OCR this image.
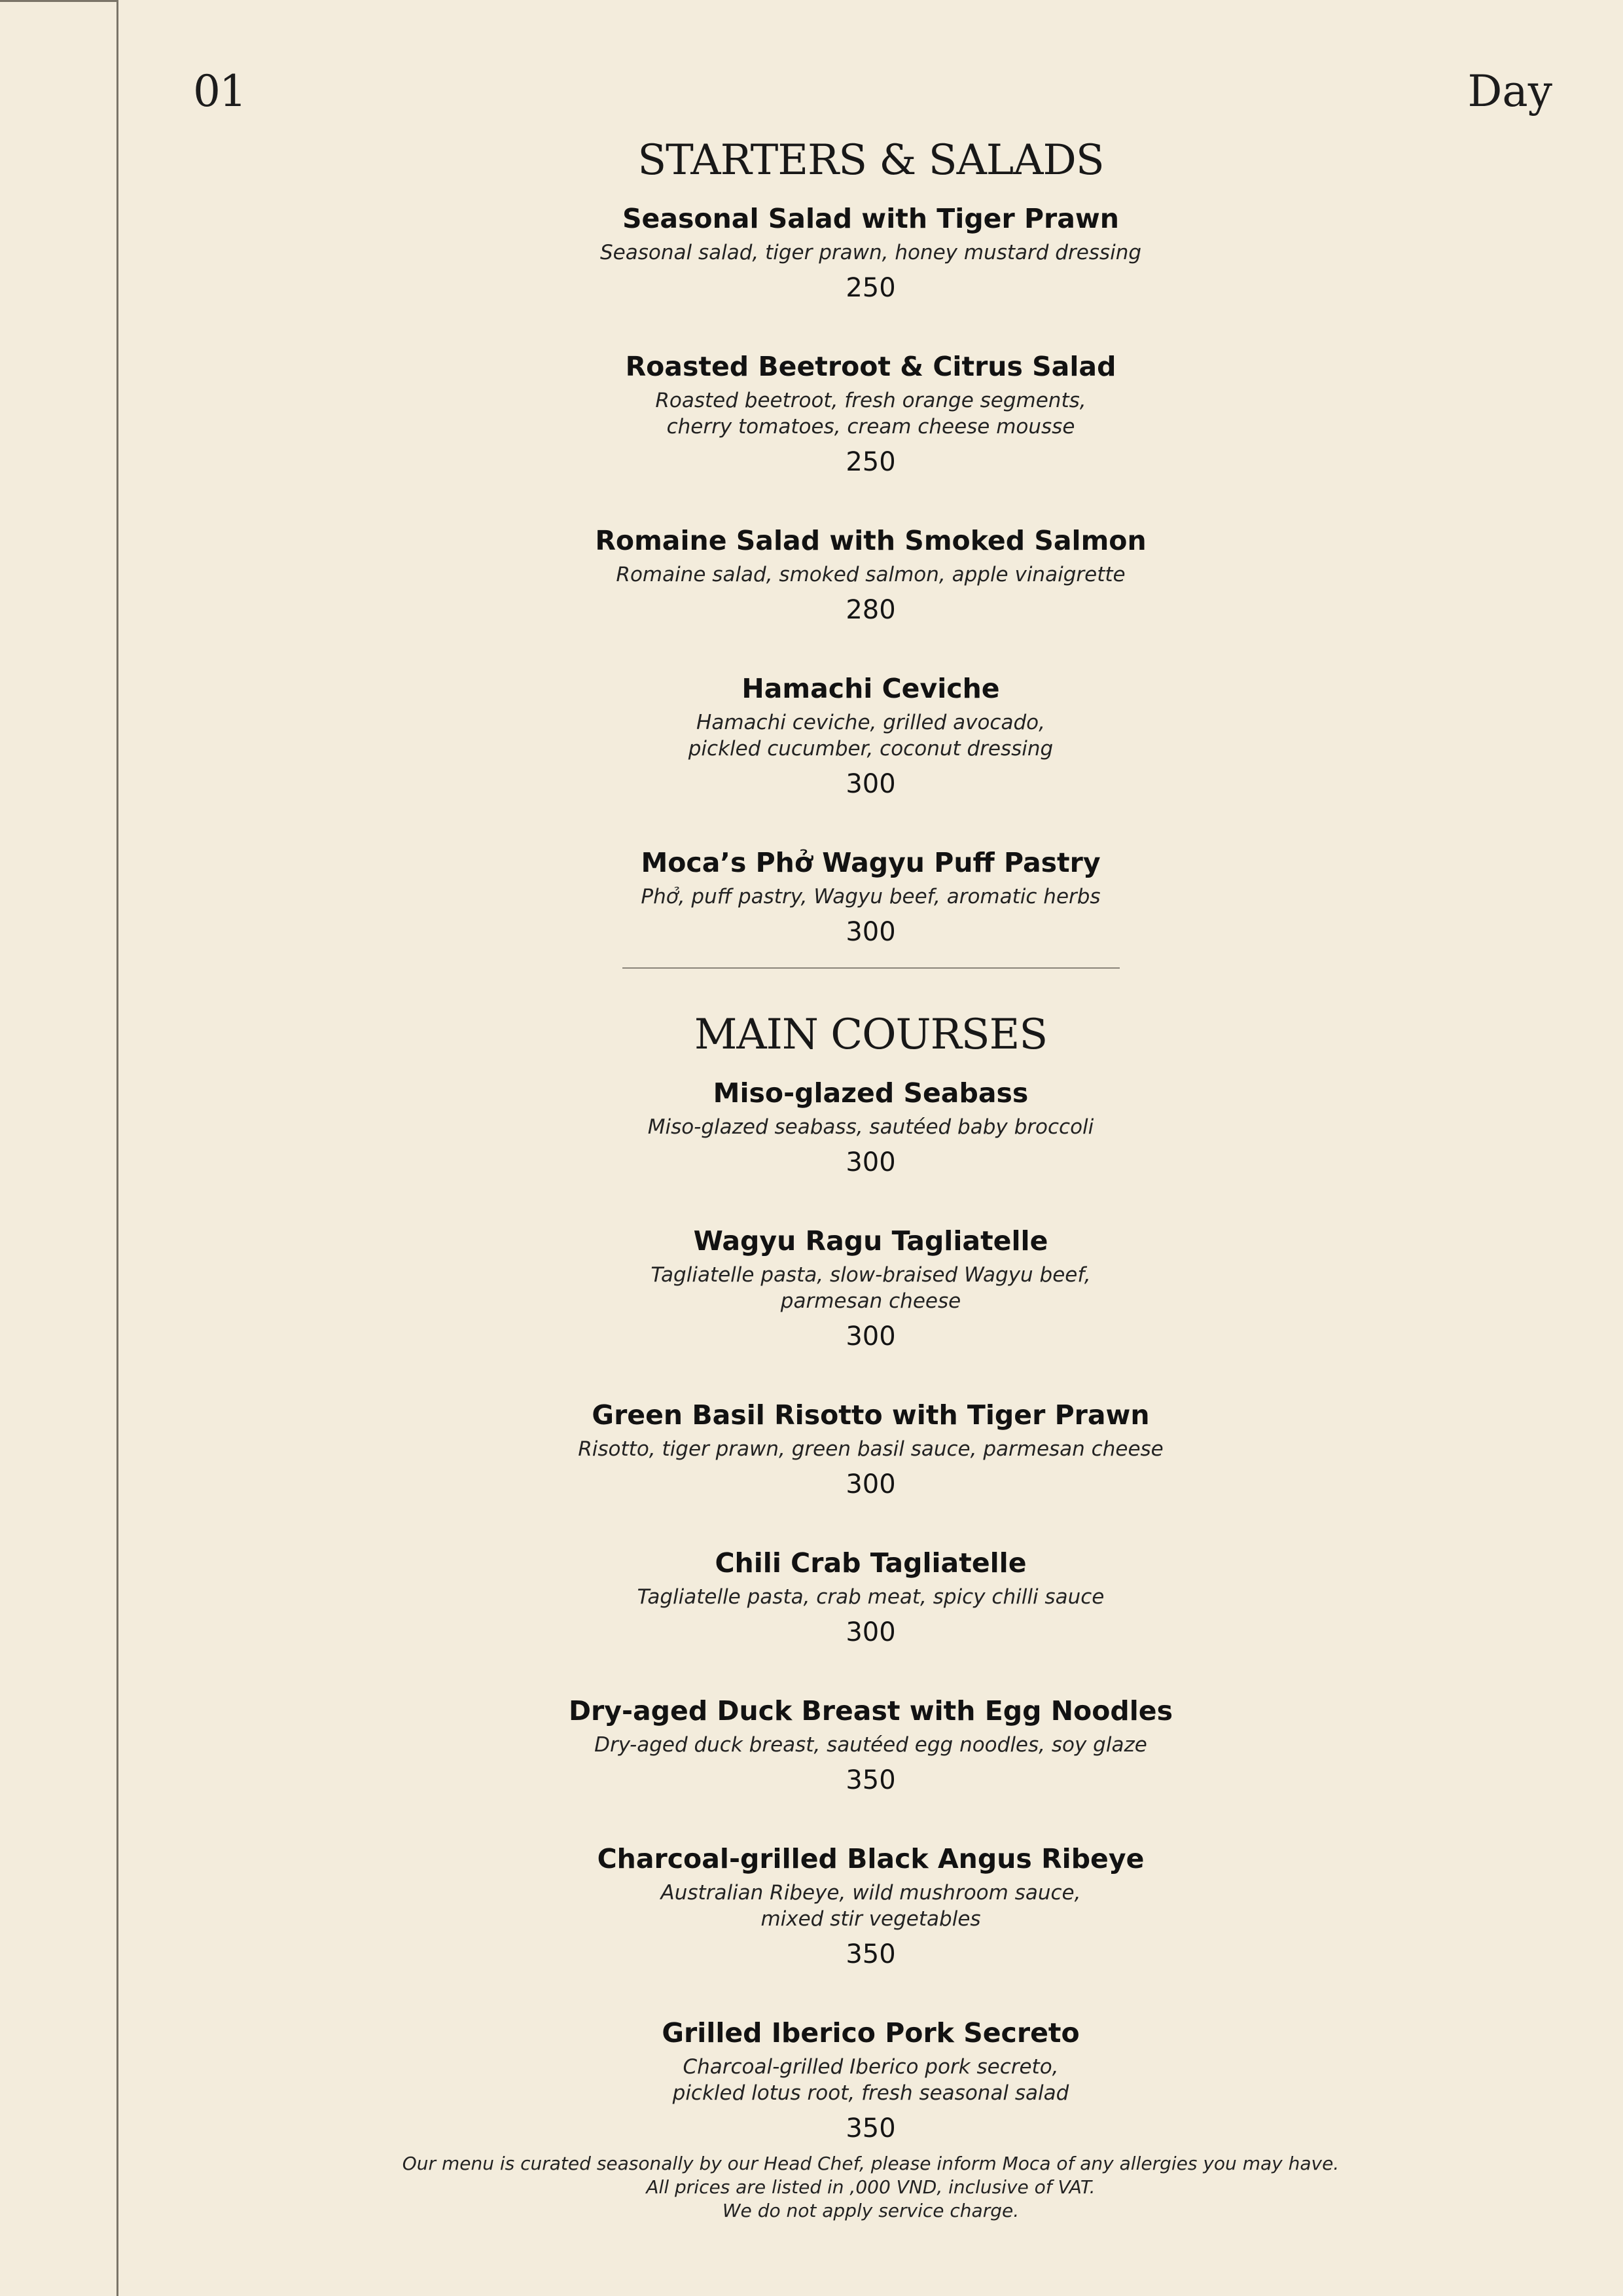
01	Day
STARTERS & SALADS
Seasonal Salad with Tiger Prawn
Seasonal salad, tiger prawn, honey mustard dressing
250
Roasted Beetroot & Citrus Salad
Roasted beetroot, fresh orange segments,
cherry tomatoes, cream cheese mousse
250
Romaine Salad with Smoked Salmon
Romaine salad, smoked salmon, apple vinaigrette
280
Hamachi Ceviche
Hamachi ceviche, grilled avocado,
pickled cucumber, coconut dressing
300
Moca’s Phở Wagyu Puff Pastry
Phở, puff pastry, Wagyu beef, aromatic herbs
300
MAIN COURSES
Miso-glazed Seabass
Miso-glazed seabass, sautéed baby broccoli
300
Wagyu Ragu Tagliatelle
Tagliatelle pasta, slow-braised Wagyu beef,
parmesan cheese
300
Green Basil Risotto with Tiger Prawn
Risotto, tiger prawn, green basil sauce, parmesan cheese
300
Chili Crab Tagliatelle
Tagliatelle pasta, crab meat, spicy chilli sauce
300
Dry-aged Duck Breast with Egg Noodles
Dry-aged duck breast, sautéed egg noodles, soy glaze
350
Charcoal-grilled Black Angus Ribeye
Australian Ribeye, wild mushroom sauce,
mixed stir vegetables
350
Grilled Iberico Pork Secreto
Charcoal-grilled Iberico pork secreto,
pickled lotus root, fresh seasonal salad
350
Our menu is curated seasonally by our Head Chef, please inform Moca of any allergies you may have.
All prices are listed in ,000 VND, inclusive of VAT.
We do not apply service charge.
